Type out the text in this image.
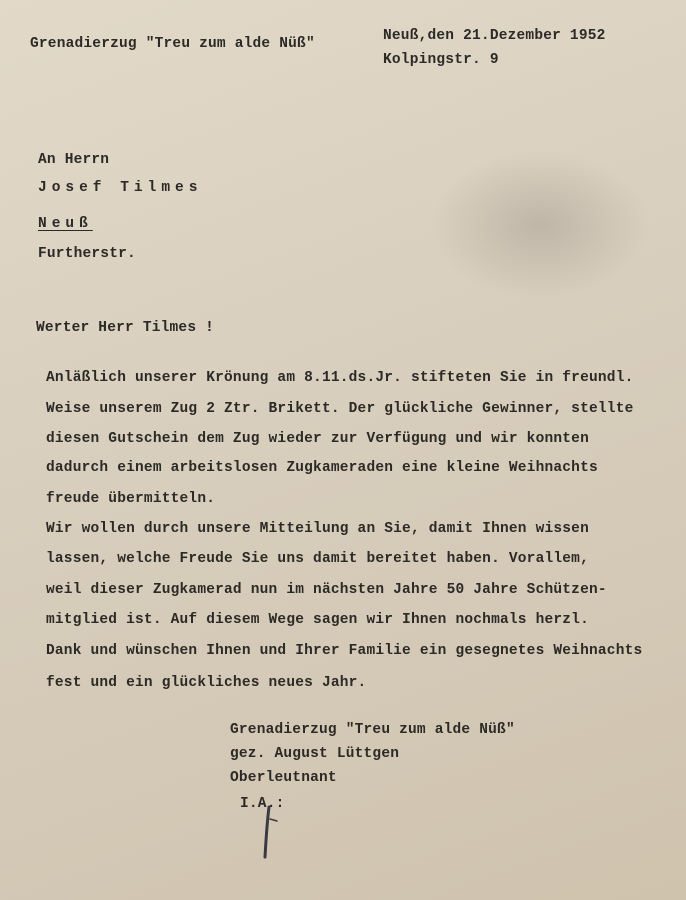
Grenadierzug "Treu zum alde Nüß"	Neuß,den 21.Dezember 1952
Kolpingstr. 9
An Herrn
Josef Tilmes
Neuß
Furtherstr.
Werter Herr Tilmes !
Anläßlich unserer Krönung am 8.11.ds.Jr. stifteten Sie in freundl.
Weise unserem Zug 2 Ztr. Brikett. Der glückliche Gewinner, stellte
diesen Gutschein dem Zug wieder zur Verfügung und wir konnten
dadurch einem arbeitslosen Zugkameraden eine kleine Weihnachts
freude übermitteln.
Wir wollen durch unsere Mitteilung an Sie, damit Ihnen wissen
lassen, welche Freude Sie uns damit bereitet haben. Vorallem,
weil dieser Zugkamerad nun im nächsten Jahre 50 Jahre Schützen-
mitglied ist. Auf diesem Wege sagen wir Ihnen nochmals herzl.
Dank und wünschen Ihnen und Ihrer Familie ein gesegnetes Weihnachts
fest und ein glückliches neues Jahr.
Grenadierzug "Treu zum alde Nüß"
gez. August Lüttgen
Oberleutnant
I.A.:
